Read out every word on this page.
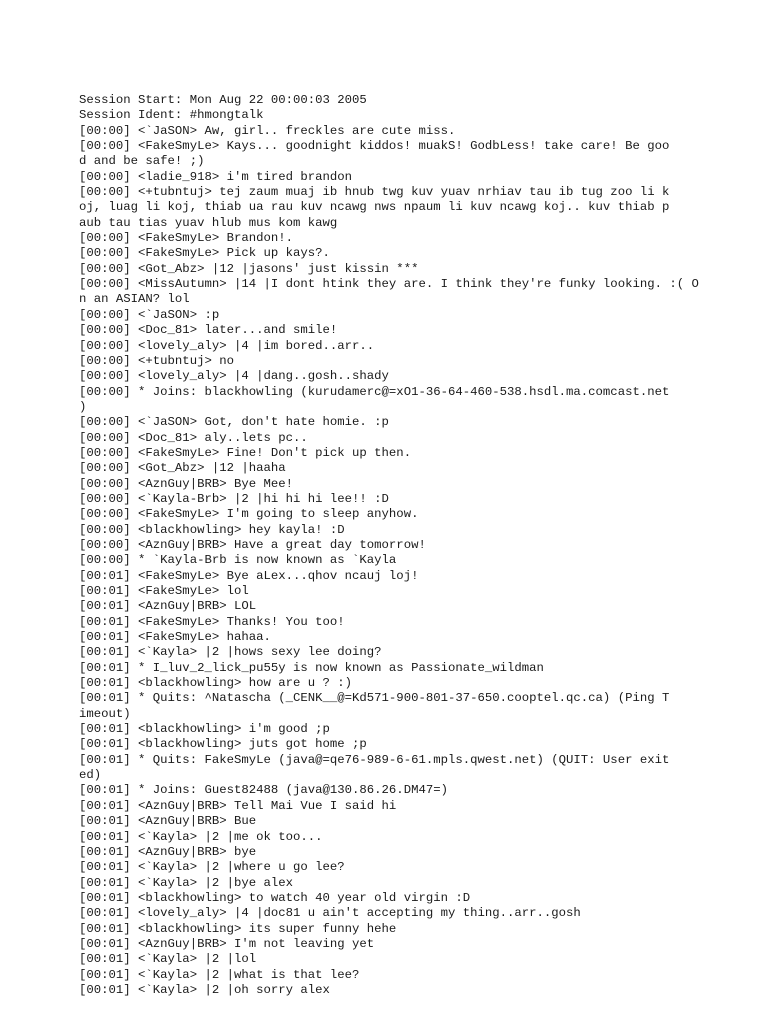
Session Start: Mon Aug 22 00:00:03 2005
Session Ident: #hmongtalk
[00:00] <`JaSON> Aw, girl.. freckles are cute miss.
[00:00] <FakeSmyLe> Kays... goodnight kiddos! muakS! GodbLess! take care! Be goo
d and be safe! ;)
[00:00] <ladie_918> i'm tired brandon
[00:00] <+tubntuj> tej zaum muaj ib hnub twg kuv yuav nrhiav tau ib tug zoo li k
oj, luag li koj, thiab ua rau kuv ncawg nws npaum li kuv ncawg koj.. kuv thiab p
aub tau tias yuav hlub mus kom kawg
[00:00] <FakeSmyLe> Brandon!.
[00:00] <FakeSmyLe> Pick up kays?.
[00:00] <Got_Abz> |12 |jasons' just kissin ***
[00:00] <MissAutumn> |14 |I dont htink they are. I think they're funky looking. :( O
n an ASIAN? lol
[00:00] <`JaSON> :p
[00:00] <Doc_81> later...and smile!
[00:00] <lovely_aly> |4 |im bored..arr..
[00:00] <+tubntuj> no
[00:00] <lovely_aly> |4 |dang..gosh..shady
[00:00] * Joins: blackhowling (kurudamerc@=xO1-36-64-460-538.hsdl.ma.comcast.net
)
[00:00] <`JaSON> Got, don't hate homie. :p
[00:00] <Doc_81> aly..lets pc..
[00:00] <FakeSmyLe> Fine! Don't pick up then.
[00:00] <Got_Abz> |12 |haaha
[00:00] <AznGuy|BRB> Bye Mee!
[00:00] <`Kayla-Brb> |2 |hi hi hi lee!! :D
[00:00] <FakeSmyLe> I'm going to sleep anyhow.
[00:00] <blackhowling> hey kayla! :D
[00:00] <AznGuy|BRB> Have a great day tomorrow!
[00:00] * `Kayla-Brb is now known as `Kayla
[00:01] <FakeSmyLe> Bye aLex...qhov ncauj loj!
[00:01] <FakeSmyLe> lol
[00:01] <AznGuy|BRB> LOL
[00:01] <FakeSmyLe> Thanks! You too!
[00:01] <FakeSmyLe> hahaa.
[00:01] <`Kayla> |2 |hows sexy lee doing?
[00:01] * I_luv_2_lick_pu55y is now known as Passionate_wildman
[00:01] <blackhowling> how are u ? :)
[00:01] * Quits: ^Natascha (_CENK__@=Kd571-900-801-37-650.cooptel.qc.ca) (Ping T
imeout)
[00:01] <blackhowling> i'm good ;p
[00:01] <blackhowling> juts got home ;p
[00:01] * Quits: FakeSmyLe (java@=qe76-989-6-61.mpls.qwest.net) (QUIT: User exit
ed)
[00:01] * Joins: Guest82488 (java@130.86.26.DM47=)
[00:01] <AznGuy|BRB> Tell Mai Vue I said hi
[00:01] <AznGuy|BRB> Bue
[00:01] <`Kayla> |2 |me ok too...
[00:01] <AznGuy|BRB> bye
[00:01] <`Kayla> |2 |where u go lee?
[00:01] <`Kayla> |2 |bye alex
[00:01] <blackhowling> to watch 40 year old virgin :D
[00:01] <lovely_aly> |4 |doc81 u ain't accepting my thing..arr..gosh
[00:01] <blackhowling> its super funny hehe
[00:01] <AznGuy|BRB> I'm not leaving yet
[00:01] <`Kayla> |2 |lol
[00:01] <`Kayla> |2 |what is that lee?
[00:01] <`Kayla> |2 |oh sorry alex
